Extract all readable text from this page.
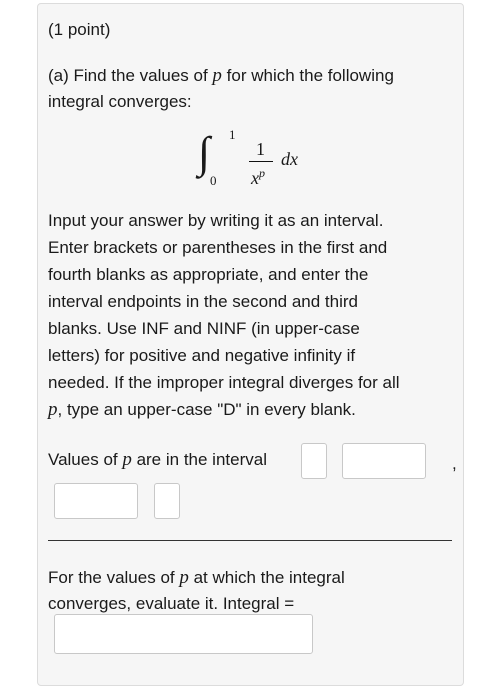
(1 point)

(a) Find the values of p for which the following

integral converges:

∫ 1
0
1
$x^p$
dx

Input your answer by writing it as an interval.

Enter brackets or parentheses in the first and

fourth blanks as appropriate, and enter the

interval endpoints in the second and third

blanks. Use INF and NINF (in upper-case

letters) for positive and negative infinity if

needed. If the improper integral diverges for all

p, type an upper-case "D" in every blank.

Values of p are in the interval	,

For the values of p at which the integral

converges, evaluate it. Integral =
